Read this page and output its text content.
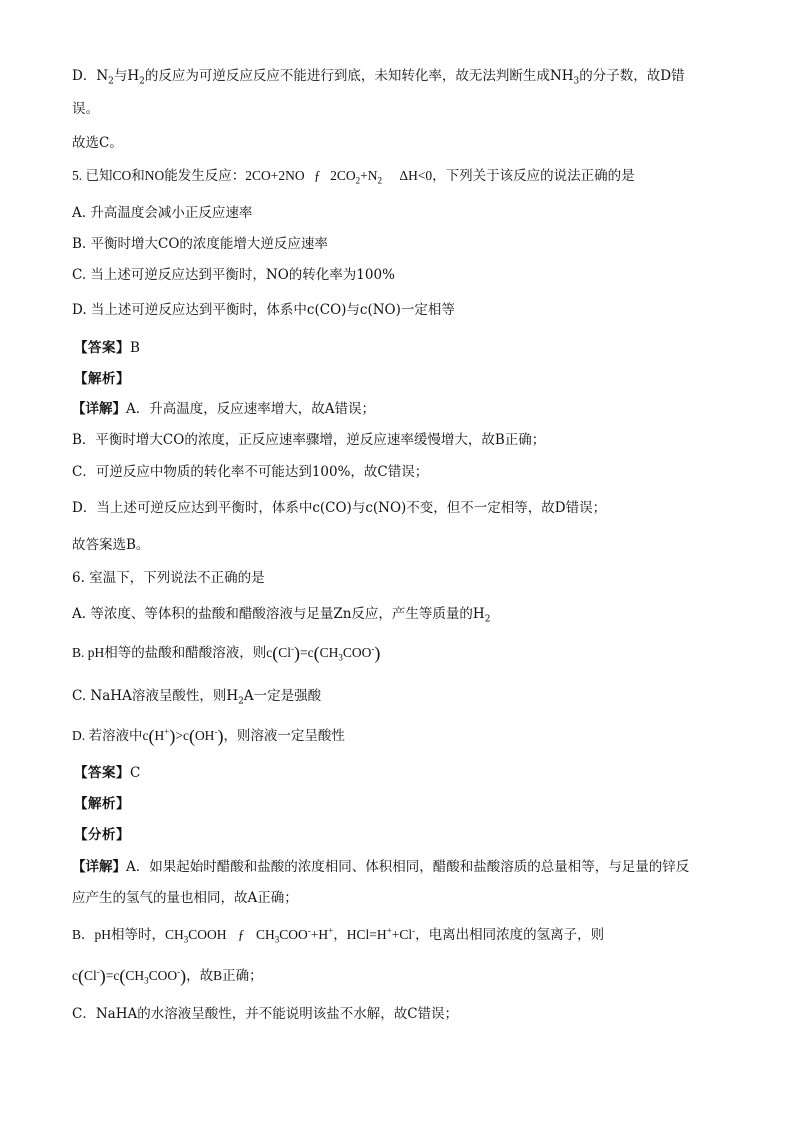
D．$N_2$与$H_2$的反应为可逆反应反应不能进行到底，未知转化率，故无法判断生成$NH_3$的分子数，故D错
误。
故选C。
5. 已知CO和NO能发生反应：2CO+2NO ƒ $2CO_2+N_2$ ΔH<0，下列关于该反应的说法正确的是
A. 升高温度会减小正反应速率
B. 平衡时增大CO的浓度能增大逆反应速率
C. 当上述可逆反应达到平衡时，NO的转化率为100%
D. 当上述可逆反应达到平衡时，体系中c(CO)与c(NO)一定相等
【答案】B
【解析】
【详解】A．升高温度，反应速率增大，故A错误；
B．平衡时增大CO的浓度，正反应速率骤增，逆反应速率缓慢增大，故B正确；
C．可逆反应中物质的转化率不可能达到100%，故C错误；
D．当上述可逆反应达到平衡时，体系中c(CO)与c(NO)不变，但不一定相等，故D错误；
故答案选B。
6. 室温下，下列说法不正确的是
A. 等浓度、等体积的盐酸和醋酸溶液与足量Zn反应，产生等质量的$H_2$
B. pH相等的盐酸和醋酸溶液，则$c(Cl^-)=c(CH_3COO^-)$
C. NaHA溶液呈酸性，则$H_2A$一定是强酸
D. 若溶液中c(H+)>c(OH-)，则溶液一定呈酸性
【答案】C
【解析】
【分析】
【详解】A．如果起始时醋酸和盐酸的浓度相同、体积相同，醋酸和盐酸溶质的总量相等，与足量的锌反
应产生的氢气的量也相同，故A正确；
B．pH相等时，$CH_3COOH$ ƒ $CH_3COO^-+H^+$，HCl=H++Cl-，电离出相同浓度的氢离子，则
$c(Cl^-)=c(CH_3COO^-)$，故B正确；
C．NaHA的水溶液呈酸性，并不能说明该盐不水解，故C错误；
